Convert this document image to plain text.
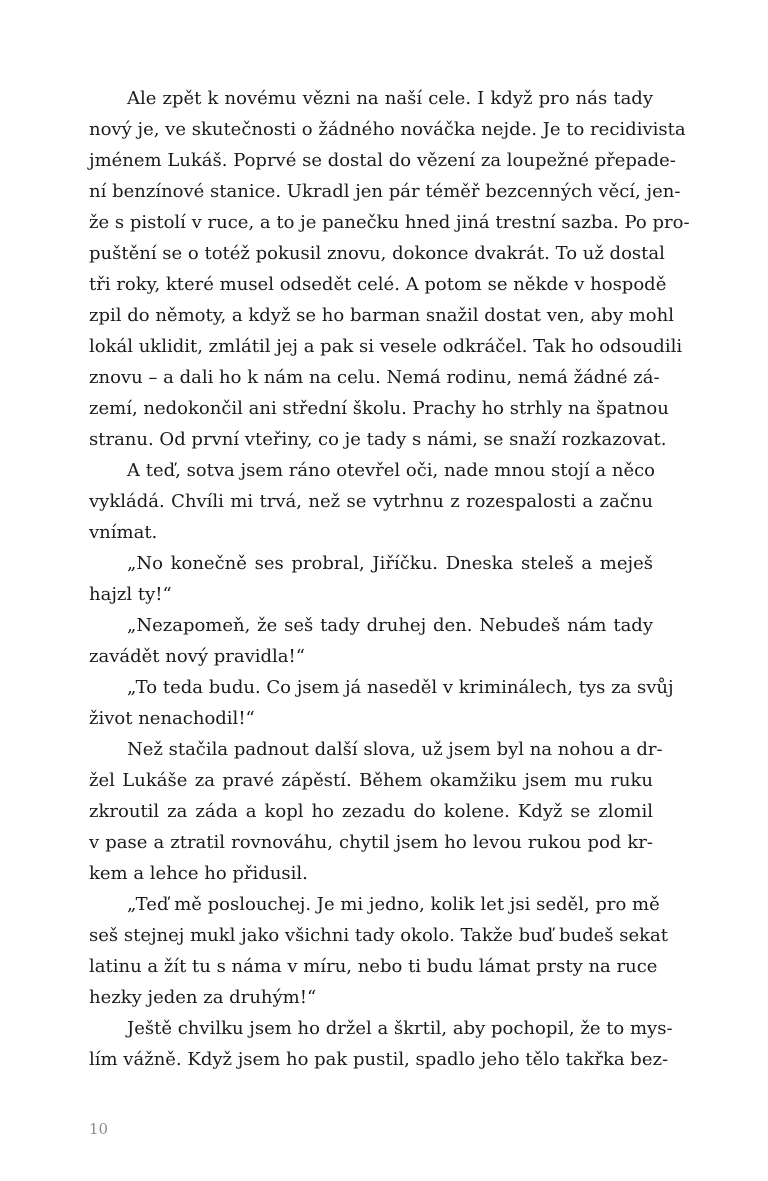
Ale zpět k novému vězni na naší cele. I když pro nás tady
nový je, ve skutečnosti o žádného nováčka nejde. Je to recidivista
jménem Lukáš. Poprvé se dostal do vězení za loupežné přepade-
ní benzínové stanice. Ukradl jen pár téměř bezcenných věcí, jen-
že s pistolí v ruce, a to je panečku hned jiná trestní sazba. Po pro-
puštění se o totéž pokusil znovu, dokonce dvakrát. To už dostal
tři roky, které musel odsedět celé. A potom se někde v hospodě
zpil do němoty, a když se ho barman snažil dostat ven, aby mohl
lokál uklidit, zmlátil jej a pak si vesele odkráčel. Tak ho odsoudili
znovu – a dali ho k nám na celu. Nemá rodinu, nemá žádné zá-
zemí, nedokončil ani střední školu. Prachy ho strhly na špatnou
stranu. Od první vteřiny, co je tady s námi, se snaží rozkazovat.
A teď, sotva jsem ráno otevřel oči, nade mnou stojí a něco
vykládá. Chvíli mi trvá, než se vytrhnu z rozespalosti a začnu
vnímat.
„No konečně ses probral, Jiříčku. Dneska steleš a meješ
hajzl ty!“
„Nezapomeň, že seš tady druhej den. Nebudeš nám tady
zavádět nový pravidla!“
„To teda budu. Co jsem já naseděl v kriminálech, tys za svůj
život nenachodil!“
Než stačila padnout další slova, už jsem byl na nohou a dr-
žel Lukáše za pravé zápěstí. Během okamžiku jsem mu ruku
zkroutil za záda a kopl ho zezadu do kolene. Když se zlomil
v pase a ztratil rovnováhu, chytil jsem ho levou rukou pod kr-
kem a lehce ho přidusil.
„Teď mě poslouchej. Je mi jedno, kolik let jsi seděl, pro mě
seš stejnej mukl jako všichni tady okolo. Takže buď budeš sekat
latinu a žít tu s náma v míru, nebo ti budu lámat prsty na ruce
hezky jeden za druhým!“
Ještě chvilku jsem ho držel a škrtil, aby pochopil, že to mys-
lím vážně. Když jsem ho pak pustil, spadlo jeho tělo takřka bez-
10
